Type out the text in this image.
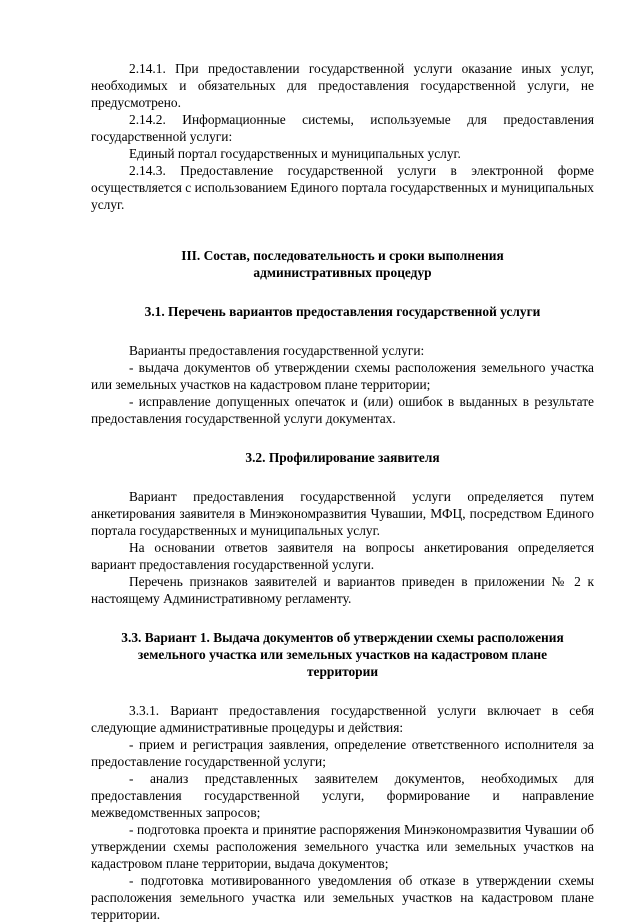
2.14.1. При предоставлении государственной услуги оказание иных услуг, необходимых и обязательных для предоставления государственной услуги, не предусмотрено.

2.14.2. Информационные системы, используемые для предоставления государственной услуги:

Единый портал государственных и муниципальных услуг.

2.14.3. Предоставление государственной услуги в электронной форме осуществляется с использованием Единого портала государственных и муниципальных услуг.

III. Состав, последовательность и сроки выполнения
административных процедур
3.1. Перечень вариантов предоставления государственной услуги

Варианты предоставления государственной услуги:

- выдача документов об утверждении схемы расположения земельного участка или земельных участков на кадастровом плане территории;

- исправление допущенных опечаток и (или) ошибок в выданных в результате предоставления государственной услуги документах.

3.2. Профилирование заявителя

Вариант предоставления государственной услуги определяется путем анкетирования заявителя в Минэкономразвития Чувашии, МФЦ, посредством Единого портала государственных и муниципальных услуг.

На основании ответов заявителя на вопросы анкетирования определяется вариант предоставления государственной услуги.

Перечень признаков заявителей и вариантов приведен в приложении № 2 к настоящему Административному регламенту.

3.3. Вариант 1. Выдача документов об утверждении схемы расположения
земельного участка или земельных участков на кадастровом плане
территории

3.3.1. Вариант предоставления государственной услуги включает в себя следующие административные процедуры и действия:

- прием и регистрация заявления, определение ответственного исполнителя за предоставление государственной услуги;

- анализ представленных заявителем документов, необходимых для предоставления государственной услуги, формирование и направление межведомственных запросов;

- подготовка проекта и принятие распоряжения Минэкономразвития Чувашии об утверждении схемы расположения земельного участка или земельных участков на кадастровом плане территории, выдача документов;

- подготовка мотивированного уведомления об отказе в утверждении схемы расположения земельного участка или земельных участков на кадастровом плане территории.
